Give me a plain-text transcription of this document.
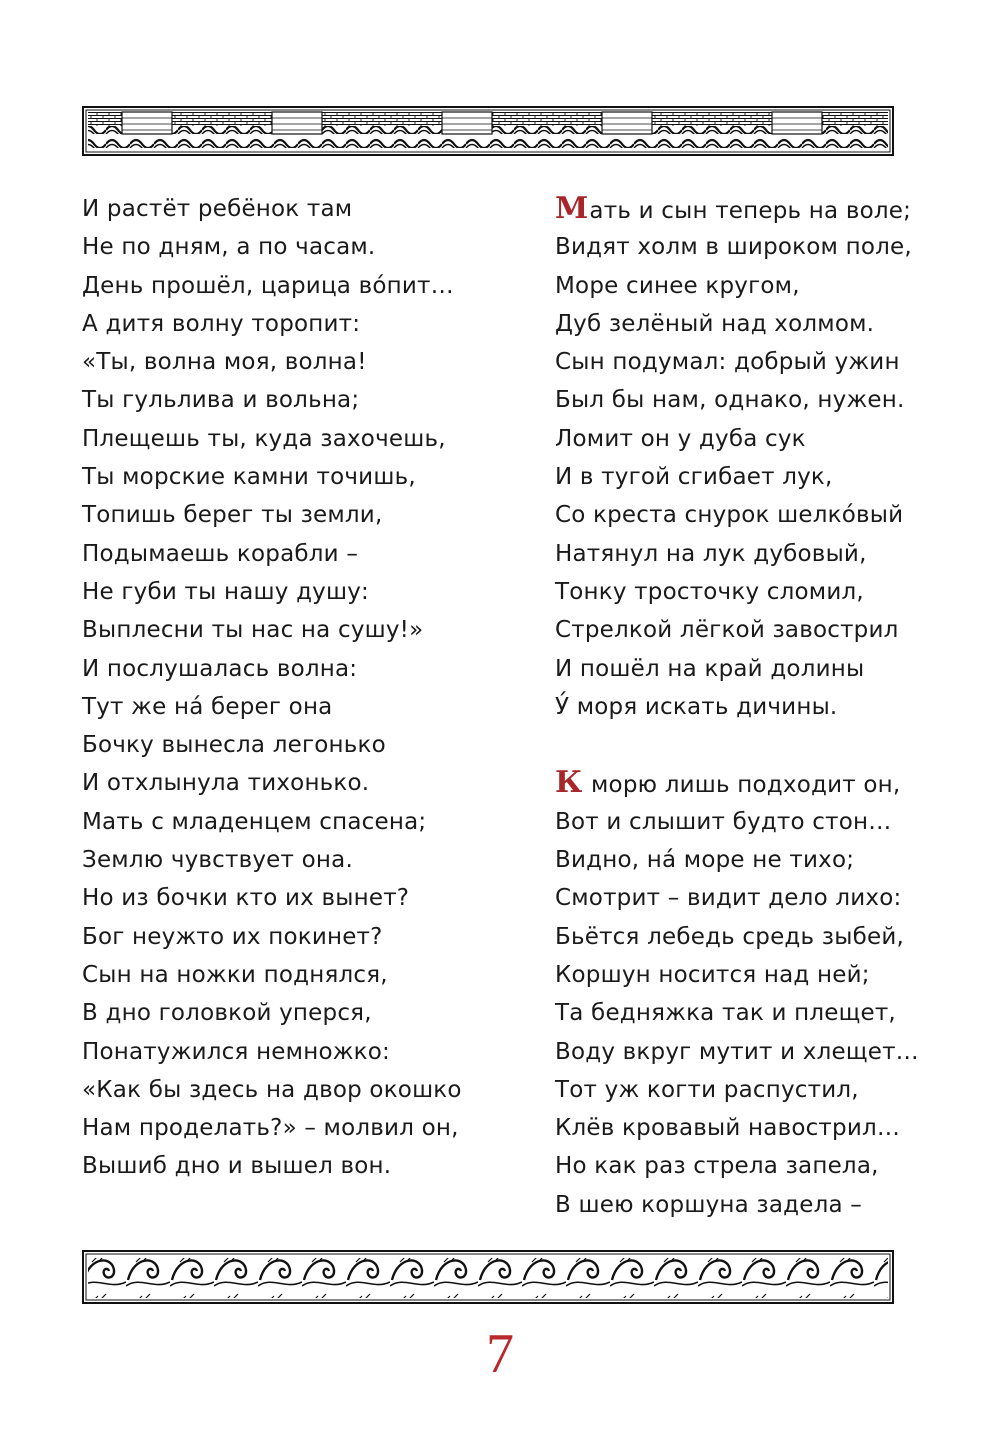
И растёт ребёнок там
Не по дням, а по часам.
День прошёл, царица во́пит…
А дитя волну торопит:
«Ты, волна моя, волна!
Ты гульлива и вольна;
Плещешь ты, куда захочешь,
Ты морские камни точишь,
Топишь берег ты земли,
Подымаешь корабли –
Не губи ты нашу душу:
Выплесни ты нас на сушу!»
И послушалась волна:
Тут же на́ берег она
Бочку вынесла легонько
И отхлынула тихонько.
Мать с младенцем спасена;
Землю чувствует она.
Но из бочки кто их вынет?
Бог неужто их покинет?
Сын на ножки поднялся,
В дно головкой уперся,
Понатужился немножко:
«Как бы здесь на двор окошко
Нам проделать?» – молвил он,
Вышиб дно и вышел вон.
Мать и сын теперь на воле;
Видят холм в широком поле,
Море синее кругом,
Дуб зелёный над холмом.
Сын подумал: добрый ужин
Был бы нам, однако, нужен.
Ломит он у дуба сук
И в тугой сгибает лук,
Со креста снурок шелко́вый
Натянул на лук дубовый,
Тонку тросточку сломил,
Стрелкой лёгкой завострил
И пошёл на край долины
У́ моря искать дичины.
К морю лишь подходит он,
Вот и слышит будто стон…
Видно, на́ море не тихо;
Смотрит – видит дело лихо:
Бьётся лебедь средь зыбей,
Коршун носится над ней;
Та бедняжка так и плещет,
Воду вкруг мутит и хлещет…
Тот уж когти распустил,
Клёв кровавый навострил…
Но как раз стрела запела,
В шею коршуна задела –
7
